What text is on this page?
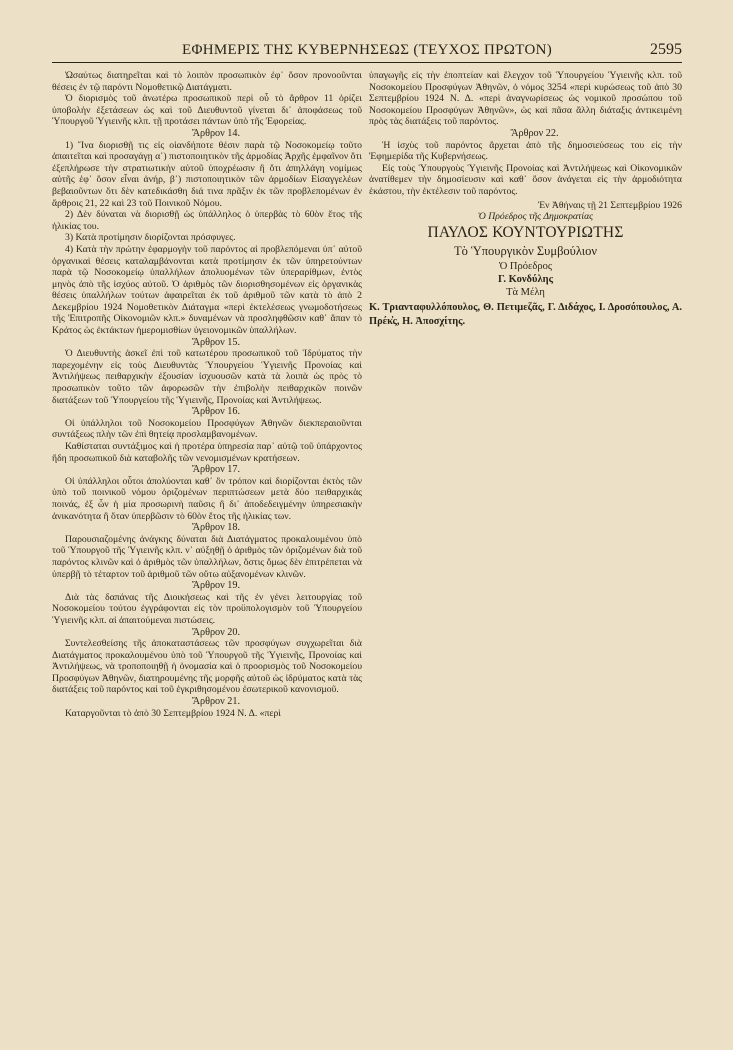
ΕΦΗΜΕΡΙΣ ΤΗΣ ΚΥΒΕΡΝΗΣΕΩΣ (ΤΕΥΧΟΣ ΠΡΩΤΟΝ)	2595

Ὡσαύτως διατηρεῖται καὶ τὸ λοιπὸν προσωπικὸν ἐφ᾿ ὅσον προνοοῦνται θέσεις ἐν τῷ παρόντι Νομοθετικῷ Διατάγματι.

Ὁ διορισμὸς τοῦ ἀνωτέρω προσωπικοῦ περὶ οὗ τὸ ἄρθρον 11 ὁρίζει ὑποβολὴν ἐξετάσεων ὡς καὶ τοῦ Διευθυντοῦ γίνεται δι᾿ ἀποφάσεως τοῦ Ὑπουργοῦ Ὑγιεινῆς κλπ. τῇ προτάσει πάντων ὑπὸ τῆς Ἐφορείας.

Ἄρθρον 14.

1) Ἵνα διορισθῇ τις εἰς οἱανδήποτε θέσιν παρὰ τῷ Νοσοκομείῳ τοῦτο ἀπαιτεῖται καὶ προσαγάγῃ α᾿) πιστοποιητικὸν τῆς ἁρμοδίας Ἀρχῆς ἐμφαῖνον ὅτι ἐξεπλήρωσε τὴν στρατιωτικὴν αὐτοῦ ὑποχρέωσιν ἢ ὅτι ἀπηλλάγη νομίμως αὐτῆς ἐφ᾿ ὅσον εἶναι ἀνήρ, β᾿) πιστοποιητικὸν τῶν ἁρμοδίων Εἰσαγγελέων βεβαιοῦντων ὅτι δὲν κατεδικάσθη διά τινα πρᾶξιν ἐκ τῶν προβλεπομένων ἐν ἄρθροις 21, 22 καὶ 23 τοῦ Ποινικοῦ Νόμου.

2) Δὲν δύναται νὰ διορισθῇ ὡς ὑπάλληλος ὁ ὑπερβὰς τὸ 60ὸν ἔτος τῆς ἡλικίας του.

3) Κατὰ προτίμησιν διορίζονται πρόσφυγες.

4) Κατὰ τὴν πρώτην ἐφαρμογὴν τοῦ παρόντος αἱ προβλεπόμεναι ὑπ᾿ αὐτοῦ ὀργανικαὶ θέσεις καταλαμβάνονται κατὰ προτίμησιν ἐκ τῶν ὑπηρετούντων παρὰ τῷ Νοσοκομείῳ ὑπαλλήλων ἀπολυομένων τῶν ὑπεραρίθμων, ἐντὸς μηνὸς ἀπὸ τῆς ἰσχύος αὐτοῦ. Ὁ ἀριθμὸς τῶν διορισθησομένων εἰς ὀργανικὰς θέσεις ὑπαλλήλων τούτων ἀφαιρεῖται ἐκ τοῦ ἀριθμοῦ τῶν κατὰ τὸ ἀπὸ 2 Δεκεμβρίου 1924 Νομοθετικὸν Διάταγμα «περὶ ἐκτελέσεως γνωμοδοτήσεως τῆς Ἐπιτροπῆς Οἰκονομιῶν κλπ.» δυναμένων νὰ προσληφθῶσιν καθ᾿ ἅπαν τὸ Κράτος ὡς ἐκτάκτων ἡμερομισθίων ὑγειονομικῶν ὑπαλλήλων.

Ἄρθρον 15.

Ὁ Διευθυντὴς ἀσκεῖ ἐπὶ τοῦ κατωτέρου προσωπικοῦ τοῦ Ἱδρύματος τὴν παρεχομένην εἰς τοὺς Διευθυντὰς Ὑπουργείου Ὑγιεινῆς Προνοίας καὶ Ἀντιλήψεως πειθαρχικὴν ἐξουσίαν ἰσχυουσῶν κατὰ τὰ λοιπὰ ὡς πρὸς τὸ προσωπικὸν τοῦτο τῶν ἀφορωσῶν τὴν ἐπιβολὴν πειθαρχικῶν ποινῶν διατάξεων τοῦ Ὑπουργείου τῆς Ὑγιεινῆς, Προνοίας καὶ Ἀντιλήψεως.

Ἄρθρον 16.

Οἱ ὑπάλληλοι τοῦ Νοσοκομείου Προσφύγων Ἀθηνῶν διεκπεραιοῦνται συντάξεως πλὴν τῶν ἐπὶ θητείᾳ προσλαμβανομένων.

Καθίσταται συντάξιμος καὶ ἡ προτέρα ὑπηρεσία παρ᾿ αὐτῷ τοῦ ὑπάρχοντος ἤδη προσωπικοῦ διὰ καταβολῆς τῶν νενομισμένων κρατήσεων.

Ἄρθρον 17.

Οἱ ὑπάλληλοι οὗτοι ἀπολύονται καθ᾿ ὃν τρόπον καὶ διορίζονται ἐκτὸς τῶν ὑπὸ τοῦ ποινικοῦ νόμου ὁριζομένων περιπτώσεων μετὰ δύο πειθαρχικὰς ποινάς, ἐξ ὧν ἡ μία προσωρινὴ παῦσις ἢ δι᾿ ἀποδεδειγμένην ὑπηρεσιακὴν ἀνικανότητα ἢ ὅταν ὑπερβῶσιν τὸ 60ὸν ἔτος τῆς ἡλικίας των.

Ἄρθρον 18.

Παρουσιαζομένης ἀνάγκης δύναται διὰ Διατάγματος προκαλουμένου ὑπὸ τοῦ Ὑπουργοῦ τῆς Ὑγιεινῆς κλπ. ν᾿ αὐξηθῇ ὁ ἀριθμὸς τῶν ὁριζομένων διὰ τοῦ παρόντος κλινῶν καὶ ὁ ἀριθμὸς τῶν ὑπαλλήλων, ὅστις ὅμως δὲν ἐπιτρέπεται νὰ ὑπερβῇ τὸ τέταρτον τοῦ ἀριθμοῦ τῶν οὕτω αὐξανομένων κλινῶν.

Ἄρθρον 19.

Διὰ τὰς δαπάνας τῆς Διοικήσεως καὶ τῆς ἐν γένει λειτουργίας τοῦ Νοσοκομείου τούτου ἐγγράφονται εἰς τὸν προϋπολογισμὸν τοῦ Ὑπουργείου Ὑγιεινῆς κλπ. αἱ ἀπαιτούμεναι πιστώσεις.

Ἄρθρον 20.

Συντελεσθείσης τῆς ἀποκαταστάσεως τῶν προσφύγων συγχωρεῖται διὰ Διατάγματος προκαλουμένου ὑπὸ τοῦ Ὑπουργοῦ τῆς Ὑγιεινῆς, Προνοίας καὶ Ἀντιλήψεως, νὰ τροποποιηθῇ ἡ ὀνομασία καὶ ὁ προορισμὸς τοῦ Νοσοκομείου Προσφύγων Ἀθηνῶν, διατηρουμένης τῆς μορφῆς αὐτοῦ ὡς ἱδρύματος κατὰ τὰς διατάξεις τοῦ παρόντος καὶ τοῦ ἐγκριθησομένου ἐσωτερικοῦ κανονισμοῦ.

Ἄρθρον 21.

Καταργοῦνται τὸ ἀπὸ 30 Σεπτεμβρίου 1924 Ν. Δ. «περὶ

ὑπαγωγῆς εἰς τὴν ἐποπτείαν καὶ ἔλεγχον τοῦ Ὑπουργείου Ὑγιεινῆς κλπ. τοῦ Νοσοκομείου Προσφύγων Ἀθηνῶν, ὁ νόμος 3254 «περὶ κυρώσεως τοῦ ἀπὸ 30 Σεπτεμβρίου 1924 Ν. Δ. «περὶ ἀναγνωρίσεως ὡς νομικοῦ προσώπου τοῦ Νοσοκομείου Προσφύγων Ἀθηνῶν», ὡς καὶ πᾶσα ἄλλη διάταξις ἀντικειμένη πρὸς τὰς διατάξεις τοῦ παρόντος.

Ἄρθρον 22.

Ἡ ἰσχὺς τοῦ παρόντος ἄρχεται ἀπὸ τῆς δημοσιεύσεως του εἰς τὴν Ἐφημερίδα τῆς Κυβερνήσεως.

Εἰς τοὺς Ὑπουργοὺς Ὑγιεινῆς Προνοίας καὶ Ἀντιλήψεως καὶ Οἰκονομικῶν ἀνατίθεμεν τὴν δημοσίευσιν καὶ καθ᾿ ὅσον ἀνάγεται εἰς τὴν ἁρμοδιότητα ἑκάστου, τὴν ἐκτέλεσιν τοῦ παρόντος.

Ἐν Ἀθήναις τῇ 21 Σεπτεμβρίου 1926

Ὁ Πρόεδρος τῆς Δημοκρατίας

ΠΑΥΛΟΣ ΚΟΥΝΤΟΥΡΙΩΤΗΣ

Τὸ Ὑπουργικὸν Συμβούλιον

Ὁ Πρόεδρος

Γ. Κονδύλης

Τὰ Μέλη

Κ. Τριανταφυλλόπουλος, Θ. Πετιμεζᾶς, Γ. Διδάχος, Ι. Δροσόπουλος, Α. Πρέκ̓ς, Η. Ἀποσχίτης.
